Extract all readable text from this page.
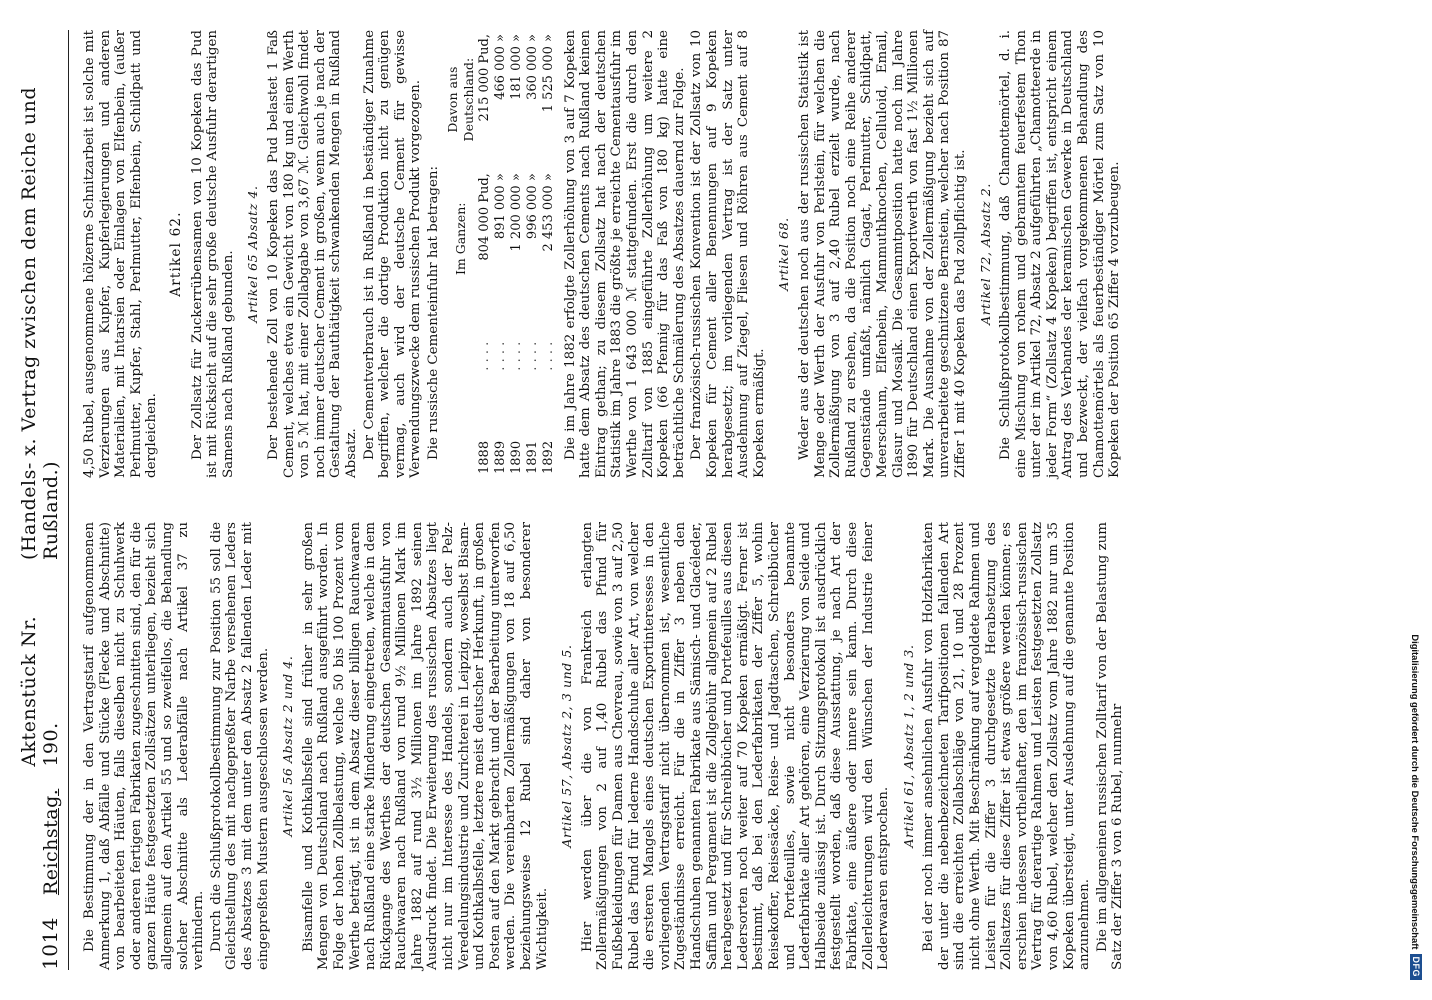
1014
Reichstag.
Aktenstück Nr. 190.
(Handels- x. Vertrag zwischen dem Reiche und Rußland.)

Die Bestimmung der in den Vertragstarif aufgenommenen Anmerkung 1, daß Abfälle und Stücke (Flecke und Abschnitte) von bearbeiteten Häuten, falls dieselben nicht zu Schuhwerk oder anderen fertigen Fabrikaten zugeschnitten sind, den für die ganzen Häute festgesetzten Zollsätzen unterliegen, bezieht sich allgemein auf den Artikel 55 und so zweifellos, die Behandlung solcher Abschnitte als Lederabfälle nach Artikel 37 zu verhindern. Durch die Schlußprotokollbestimmung zur Position 55 soll die Gleichstellung des mit nachgepreßter Narbe versehenen Leders des Absatzes 3 mit dem unter den Absatz 2 fallenden Leder mit eingepreßten Mustern ausgeschlossen werden. Artikel 56 Absatz 2 und 4. Bisamfelle und Kothkalbsfelle sind früher in sehr großen Mengen von Deutschland nach Rußland ausgeführt worden. In Folge der hohen Zollbelastung, welche 50 bis 100 Prozent vom Werthe beträgt, ist in dem Absatz dieser billigen Rauchwaaren nach Rußland eine starke Minderung eingetreten, welche in dem Rückgange des Werthes der deutschen Gesammtausfuhr von Rauchwaaren nach Rußland von rund 9½ Millionen Mark im Jahre 1882 auf rund 3½ Millionen im Jahre 1892 seinen Ausdruck findet. Die Erweiterung des russischen Absatzes liegt nicht nur im Interesse des Handels, sondern auch der Pelz-Veredelungsindustrie und Zurichterei in Leipzig, woselbst Bisam- und Kothkalbsfelle, letztere meist deutscher Herkunft, in großen Posten auf den Markt gebracht und der Bearbeitung unterworfen werden. Die vereinbarten Zollermäßigungen von 18 auf 6,50 beziehungsweise 12 Rubel sind daher von besonderer Wichtigkeit.

Artikel 57, Absatz 2, 3 und 5. Hier werden über die von Frankreich erlangten Zollermäßigungen von 2 auf 1,40 Rubel das Pfund für Fußbekleidungen für Damen aus Chevreau, sowie von 3 auf 2,50 Rubel das Pfund für lederne Handschuhe aller Art, von welcher die ersteren Mangels eines deutschen Exportinteresses in den vorliegenden Vertragstarif nicht übernommen ist, wesentliche Zugeständnisse erreicht. Für die in Ziffer 3 neben den Handschuhen genannten Fabrikate aus Sämisch- und Glacéleder, Saffian und Pergament ist die Zollgebühr allgemein auf 2 Rubel herabgesetzt und für Schreibbücher und Portefeuilles aus diesen Ledersorten noch weiter auf 70 Kopeken ermäßigt. Ferner ist bestimmt, daß bei den Lederfabrikaten der Ziffer 5, wohin Reisekoffer, Reisesäcke, Reise- und Jagdtaschen, Schreibbücher und Portefeuilles, sowie nicht besonders benannte Lederfabrikate aller Art gehören, eine Verzierung von Seide und Halbseide zulässig ist. Durch Sitzungsprotokoll ist ausdrücklich festgestellt worden, daß diese Ausstattung, je nach Art der Fabrikate, eine äußere oder innere sein kann. Durch diese Zollerleichterungen wird den Wünschen der Industrie feiner Lederwaaren entsprochen.

Artikel 61, Absatz 1, 2 und 3. Bei der noch immer ansehnlichen Ausfuhr von Holzfabrikaten der unter die nebenbezeichneten Tarifpositionen fallenden Art sind die erreichten Zollabschläge von 21, 10 und 28 Prozent nicht ohne Werth. Mit Beschränkung auf vergoldete Rahmen und Leisten für die Ziffer 3 durchgesetzte Herabsetzung des Zollsatzes für diese Ziffer ist etwas größere werden können; es erschien indessen vortheilhafter, den im französisch-russischen Vertrag für derartige Rahmen und Leisten festgesetzten Zollsatz von 4,60 Rubel, welcher den Zollsatz vom Jahre 1882 nur um 35 Kopeken übersteigt, unter Ausdehnung auf die genannte Position anzunehmen. Die im allgemeinen russischen Zolltarif von der Belastung zum Satz der Ziffer 3 von 6 Rubel, nunmehr

4,50 Rubel, ausgenommene hölzerne Schnitzarbeit ist solche mit Verzierungen aus Kupfer, Kupferlegierungen und anderen Materialien, mit Intarsien oder Einlagen von Elfenbein, (außer Perlmutter, Kupfer, Stahl, Perlmutter, Elfenbein, Schildpatt und dergleichen.

Artikel 62. Der Zollsatz für Zuckerrübensamen von 10 Kopeken das Pud ist mit Rücksicht auf die sehr große deutsche Ausfuhr derartigen Samens nach Rußland gebunden. Artikel 65 Absatz 4. Der bestehende Zoll von 10 Kopeken das Pud belastet 1 Faß Cement, welches etwa ein Gewicht von 180 kg und einen Werth von 5 ℳ hat, mit einer Zollabgabe von 3,67 ℳ. Gleichwohl findet noch immer deutscher Cement in großen, wenn auch je nach der Gestaltung der Bauthätigkeit schwankenden Mengen in Rußland Absatz. Der Cementverbrauch ist in Rußland in beständiger Zunahme begriffen, welcher die dortige Produktion nicht zu genügen vermag, auch wird der deutsche Cement für gewisse Verwendungszwecke dem russischen Produkt vorgezogen. Die russische Cementeinfuhr hat betragen:

		Im Ganzen:	Davon aus Deutschland:
1888	. . . .	804 000 Pud,	215 000 Pud,
1889	. . . .	891 000 »	466 000 »
1890	. . . .	1 200 000 »	181 000 »
1891	. . . .	996 000 »	360 000 »
1892	. . . .	2 453 000 »	1 525 000 » Die im Jahre 1882 erfolgte Zollerhöhung von 3 auf 7 Kopeken hatte dem Absatz des deutschen Cements nach Rußland keinen Eintrag gethan; zu diesem Zollsatz hat nach der deutschen Statistik im Jahre 1883 die größte je erreichte Cementausfuhr im Werthe von 1 643 000 ℳ stattgefunden. Erst die durch den Zolltarif von 1885 eingeführte Zollerhöhung um weitere 2 Kopeken (66 Pfennig für das Faß von 180 kg) hatte eine beträchtliche Schmälerung des Absatzes dauernd zur Folge. Der französisch-russischen Konvention ist der Zollsatz von 10 Kopeken für Cement aller Benennungen auf 9 Kopeken herabgesetzt; im vorliegenden Vertrag ist der Satz unter Ausdehnung auf Ziegel, Fliesen und Röhren aus Cement auf 8 Kopeken ermäßigt.

Artikel 68. Weder aus der deutschen noch aus der russischen Statistik ist Menge oder Werth der Ausfuhr von Perlstein, für welchen die Zollermäßigung von 3 auf 2,40 Rubel erzielt wurde, nach Rußland zu ersehen, da die Position noch eine Reihe anderer Gegenstände umfaßt, nämlich Gagat, Perlmutter, Schildpatt, Meerschaum, Elfenbein, Mammuthknochen, Celluloid, Email, Glasur und Mosaik. Die Gesammtposition hatte noch im Jahre 1890 für Deutschland einen Exportwerth von fast 1½ Millionen Mark. Die Ausnahme von der Zollermäßigung bezieht sich auf unverarbeitete geschnitzene Bernstein, welcher nach Position 87 Ziffer 1 mit 40 Kopeken das Pud zollpflichtig ist. Artikel 72, Absatz 2. Die Schlußprotokollbestimmung, daß Chamottemörtel, d. i. eine Mischung von rohem und gebranntem feuerfestem Thon unter der im Artikel 72, Absatz 2 aufgeführten „Chamotteerde in jeder Form“ (Zollsatz 4 Kopeken) begriffen ist, entspricht einem Antrag des Verbandes der keramischen Gewerke in Deutschland und bezweckt, der vielfach vorgekommenen Behandlung des Chamottemörtels als feuerbeständiger Mörtel zum Satz von 10 Kopeken der Position 65 Ziffer 4 vorzubeugen.

Digitalisierung gefördert durch die Deutsche Forschungsgemeinschaft
DFG
